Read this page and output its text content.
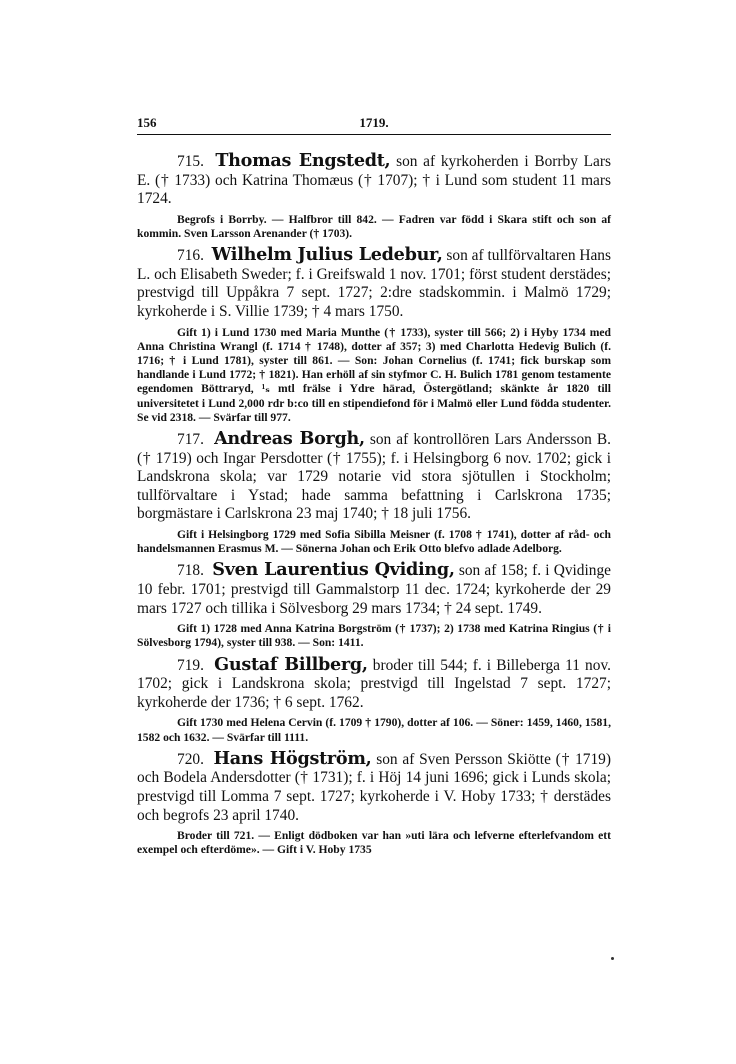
156	1719.

715. Thomas Engstedt, son af kyrkoherden i Borrby Lars E. († 1733) och Katrina Thomæus († 1707); † i Lund som student 11 mars 1724.

Begrofs i Borrby. — Halfbror till 842. — Fadren var född i Skara stift och son af kommin. Sven Larsson Arenander († 1703).

716. Wilhelm Julius Ledebur, son af tullförvaltaren Hans L. och Elisabeth Sweder; f. i Greifswald 1 nov. 1701; först student derstädes; prestvigd till Uppåkra 7 sept. 1727; 2:dre stadskommin. i Malmö 1729; kyrkoherde i S. Villie 1739; † 4 mars 1750.

Gift 1) i Lund 1730 med Maria Munthe († 1733), syster till 566; 2) i Hyby 1734 med Anna Christina Wrangl (f. 1714 † 1748), dotter af 357; 3) med Charlotta Hedevig Bulich (f. 1716; † i Lund 1781), syster till 861. — Son: Johan Cornelius (f. 1741; fick burskap som handlande i Lund 1772; † 1821). Han erhöll af sin styfmor C. H. Bulich 1781 genom testamente egendomen Böttraryd, ¹ₛ mtl frälse i Ydre härad, Östergötland; skänkte år 1820 till universitetet i Lund 2,000 rdr b:co till en stipendiefond för i Malmö eller Lund födda studenter. Se vid 2318. — Svärfar till 977.

717. Andreas Borgh, son af kontrollören Lars Andersson B. († 1719) och Ingar Persdotter († 1755); f. i Helsingborg 6 nov. 1702; gick i Landskrona skola; var 1729 notarie vid stora sjötullen i Stockholm; tullförvaltare i Ystad; hade samma befattning i Carlskrona 1735; borgmästare i Carlskrona 23 maj 1740; † 18 juli 1756.

Gift i Helsingborg 1729 med Sofia Sibilla Meisner (f. 1708 † 1741), dotter af råd- och handelsmannen Erasmus M. — Sönerna Johan och Erik Otto blefvo adlade Adelborg.

718. Sven Laurentius Qviding, son af 158; f. i Qvidinge 10 febr. 1701; prestvigd till Gammalstorp 11 dec. 1724; kyrkoherde der 29 mars 1727 och tillika i Sölvesborg 29 mars 1734; † 24 sept. 1749.

Gift 1) 1728 med Anna Katrina Borgström († 1737); 2) 1738 med Katrina Ringius († i Sölvesborg 1794), syster till 938. — Son: 1411.

719. Gustaf Billberg, broder till 544; f. i Billeberga 11 nov. 1702; gick i Landskrona skola; prestvigd till Ingelstad 7 sept. 1727; kyrkoherde der 1736; † 6 sept. 1762.

Gift 1730 med Helena Cervin (f. 1709 † 1790), dotter af 106. — Söner: 1459, 1460, 1581, 1582 och 1632. — Svärfar till 1111.

720. Hans Högström, son af Sven Persson Skiötte († 1719) och Bodela Andersdotter († 1731); f. i Höj 14 juni 1696; gick i Lunds skola; prestvigd till Lomma 7 sept. 1727; kyrkoherde i V. Hoby 1733; † derstädes och begrofs 23 april 1740.

Broder till 721. — Enligt dödboken var han »uti lära och lefverne efterlefvandom ett exempel och efterdöme». — Gift i V. Hoby 1735
